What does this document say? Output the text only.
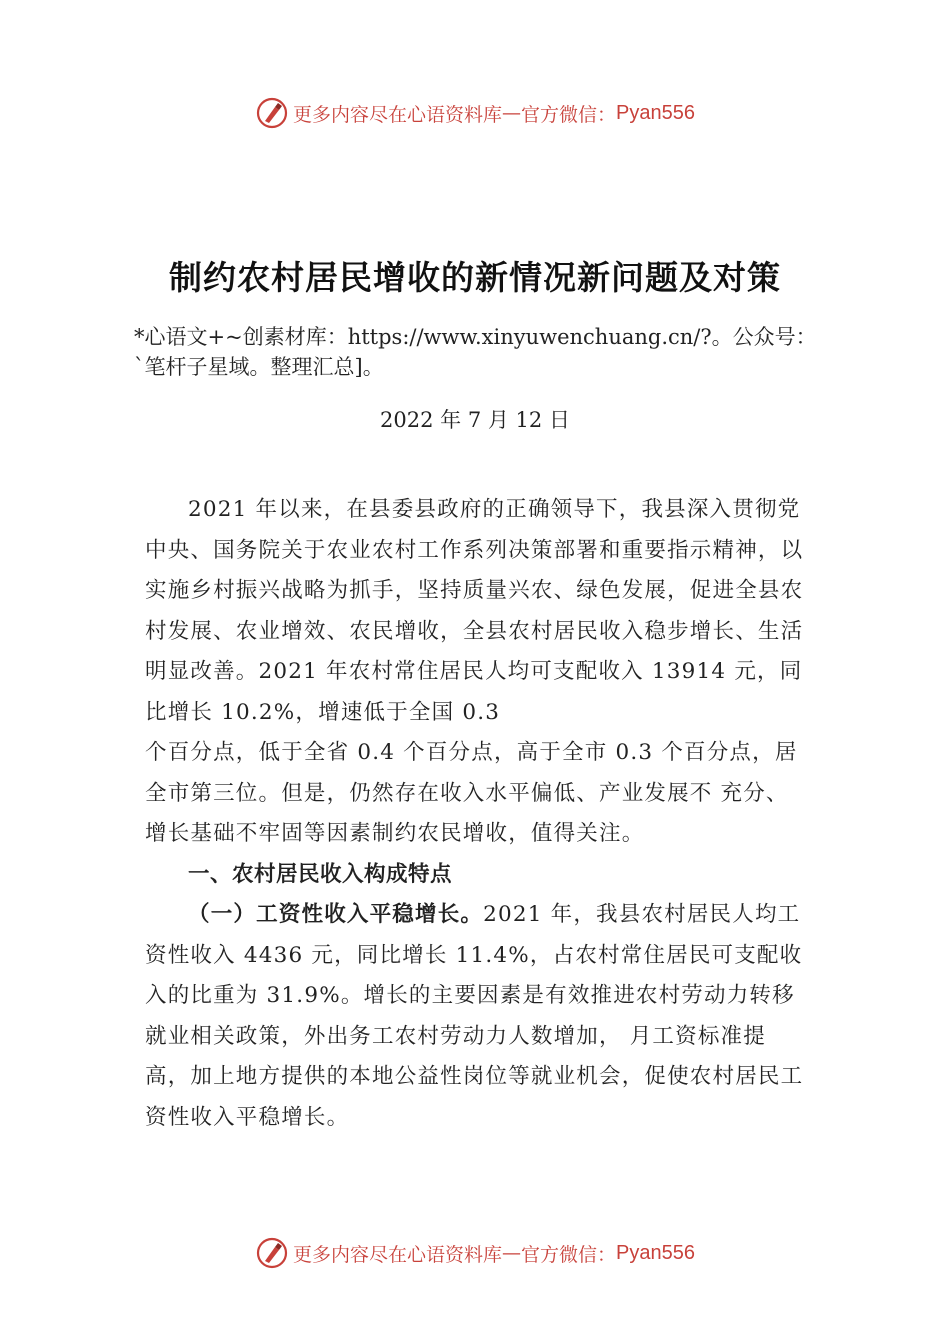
更多内容尽在心语资料库 — 官方微信： Pyan556
制约农村居民增收的新情况新问题及对策
*心语文+~创素材库：https://www.xinyuwenchuang.cn/?。公众号：`笔杆子星域。整理汇总]。
2022 年 7 月 12 日

2021 年以来，在县委县政府的正确领导下，我县深入贯彻党中央、国务院关于农业农村工作系列决策部署和重要指示精神，以实施乡村振兴战略为抓手，坚持质量兴农、绿色发展，促进全县农村发展、农业增效、农民增收，全县农村居民收入稳步增长、生活明显改善。2021 年农村常住居民人均可支配收入 13914 元，同比增长 10.2%，增速低于全国 0.3

个百分点，低于全省 0.4 个百分点，高于全市 0.3 个百分点，居全市第三位。但是，仍然存在收入水平偏低、产业发展不 充分、增长基础不牢固等因素制约农民增收，值得关注。

一、农村居民收入构成特点

（一）工资性收入平稳增长。2021 年，我县农村居民人均工资性收入 4436 元，同比增长 11.4%，占农村常住居民可支配收入的比重为 31.9%。增长的主要因素是有效推进农村劳动力转移就业相关政策，外出务工农村劳动力人数增加， 月工资标准提高，加上地方提供的本地公益性岗位等就业机会，促使农村居民工资性收入平稳增长。

更多内容尽在心语资料库 — 官方微信： Pyan556
